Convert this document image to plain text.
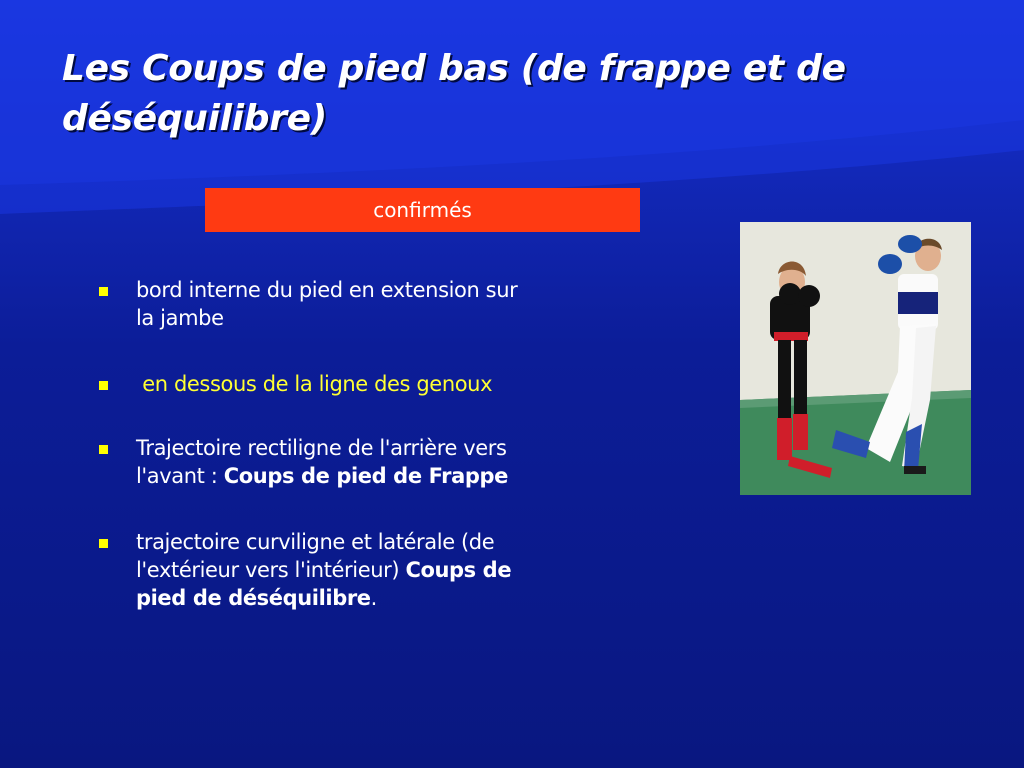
Les Coups de pied bas (de frappe et de déséquilibre)
confirmés
bord interne du pied en extension sur la jambe
en dessous de la ligne des genoux
Trajectoire rectiligne de l'arrière vers l'avant : Coups de pied de Frappe
trajectoire curviligne et latérale (de l'extérieur vers l'intérieur) Coups de pied de déséquilibre.
